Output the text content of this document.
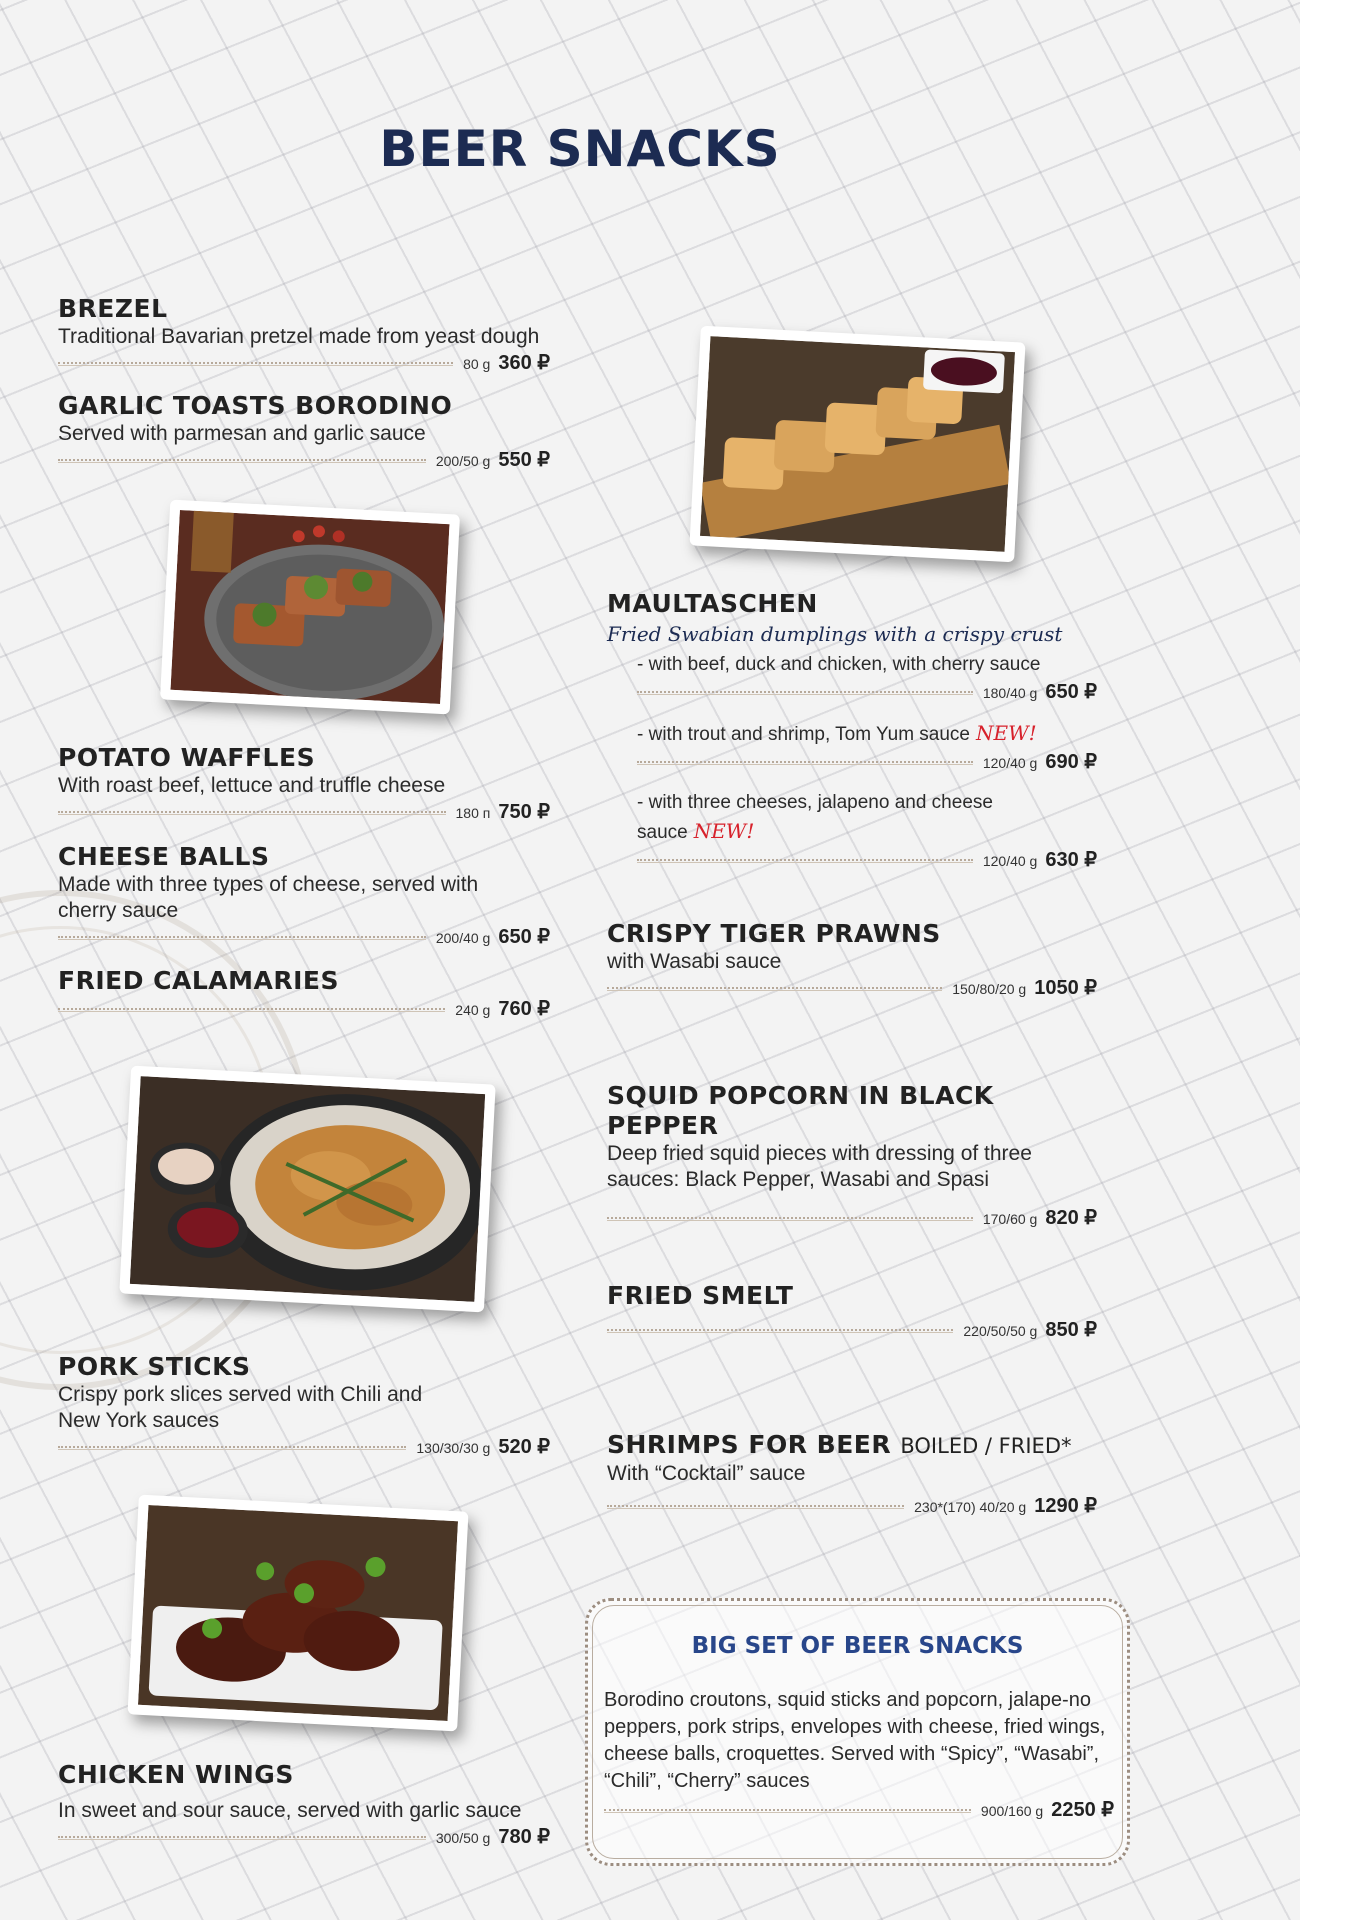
BEER SNACKS
BREZEL
Traditional Bavarian pretzel made from yeast dough
80 g 360 ₽
GARLIC TOASTS BORODINO
Served with parmesan and garlic sauce
200/50 g 550 ₽
POTATO WAFFLES
With roast beef, lettuce and truffle cheese
180 п 750 ₽
CHEESE BALLS
Made with three types of cheese, served with cherry sauce
200/40 g 650 ₽
FRIED CALAMARIES
240 g 760 ₽
PORK STICKS
Crispy pork slices served with Chili and New York sauces
130/30/30 g 520 ₽
CHICKEN WINGS
In sweet and sour sauce, served with garlic sauce
300/50 g 780 ₽
MAULTASCHEN
Fried Swabian dumplings with a crispy crust
- with beef, duck and chicken, with cherry sauce
180/40 g 650 ₽
- with trout and shrimp, Tom Yum sauce NEW!
120/40 g 690 ₽
- with three cheeses, jalapeno and cheese sauce NEW!
120/40 g 630 ₽
CRISPY TIGER PRAWNS
with Wasabi sauce
150/80/20 g 1050 ₽
SQUID POPCORN IN BLACK PEPPER
Deep fried squid pieces with dressing of three sauces: Black Pepper, Wasabi and Spasi
170/60 g 820 ₽
FRIED SMELT
220/50/50 g 850 ₽
SHRIMPS FOR BEER BOILED / FRIED*
With “Cocktail” sauce
230*(170) 40/20 g 1290 ₽
BIG SET OF BEER SNACKS
Borodino croutons, squid sticks and popcorn, jalape-no peppers, pork strips, envelopes with cheese, fried wings, cheese balls, croquettes. Served with “Spicy”, “Wasabi”, “Chili”, “Cherry” sauces
900/160 g 2250 ₽
